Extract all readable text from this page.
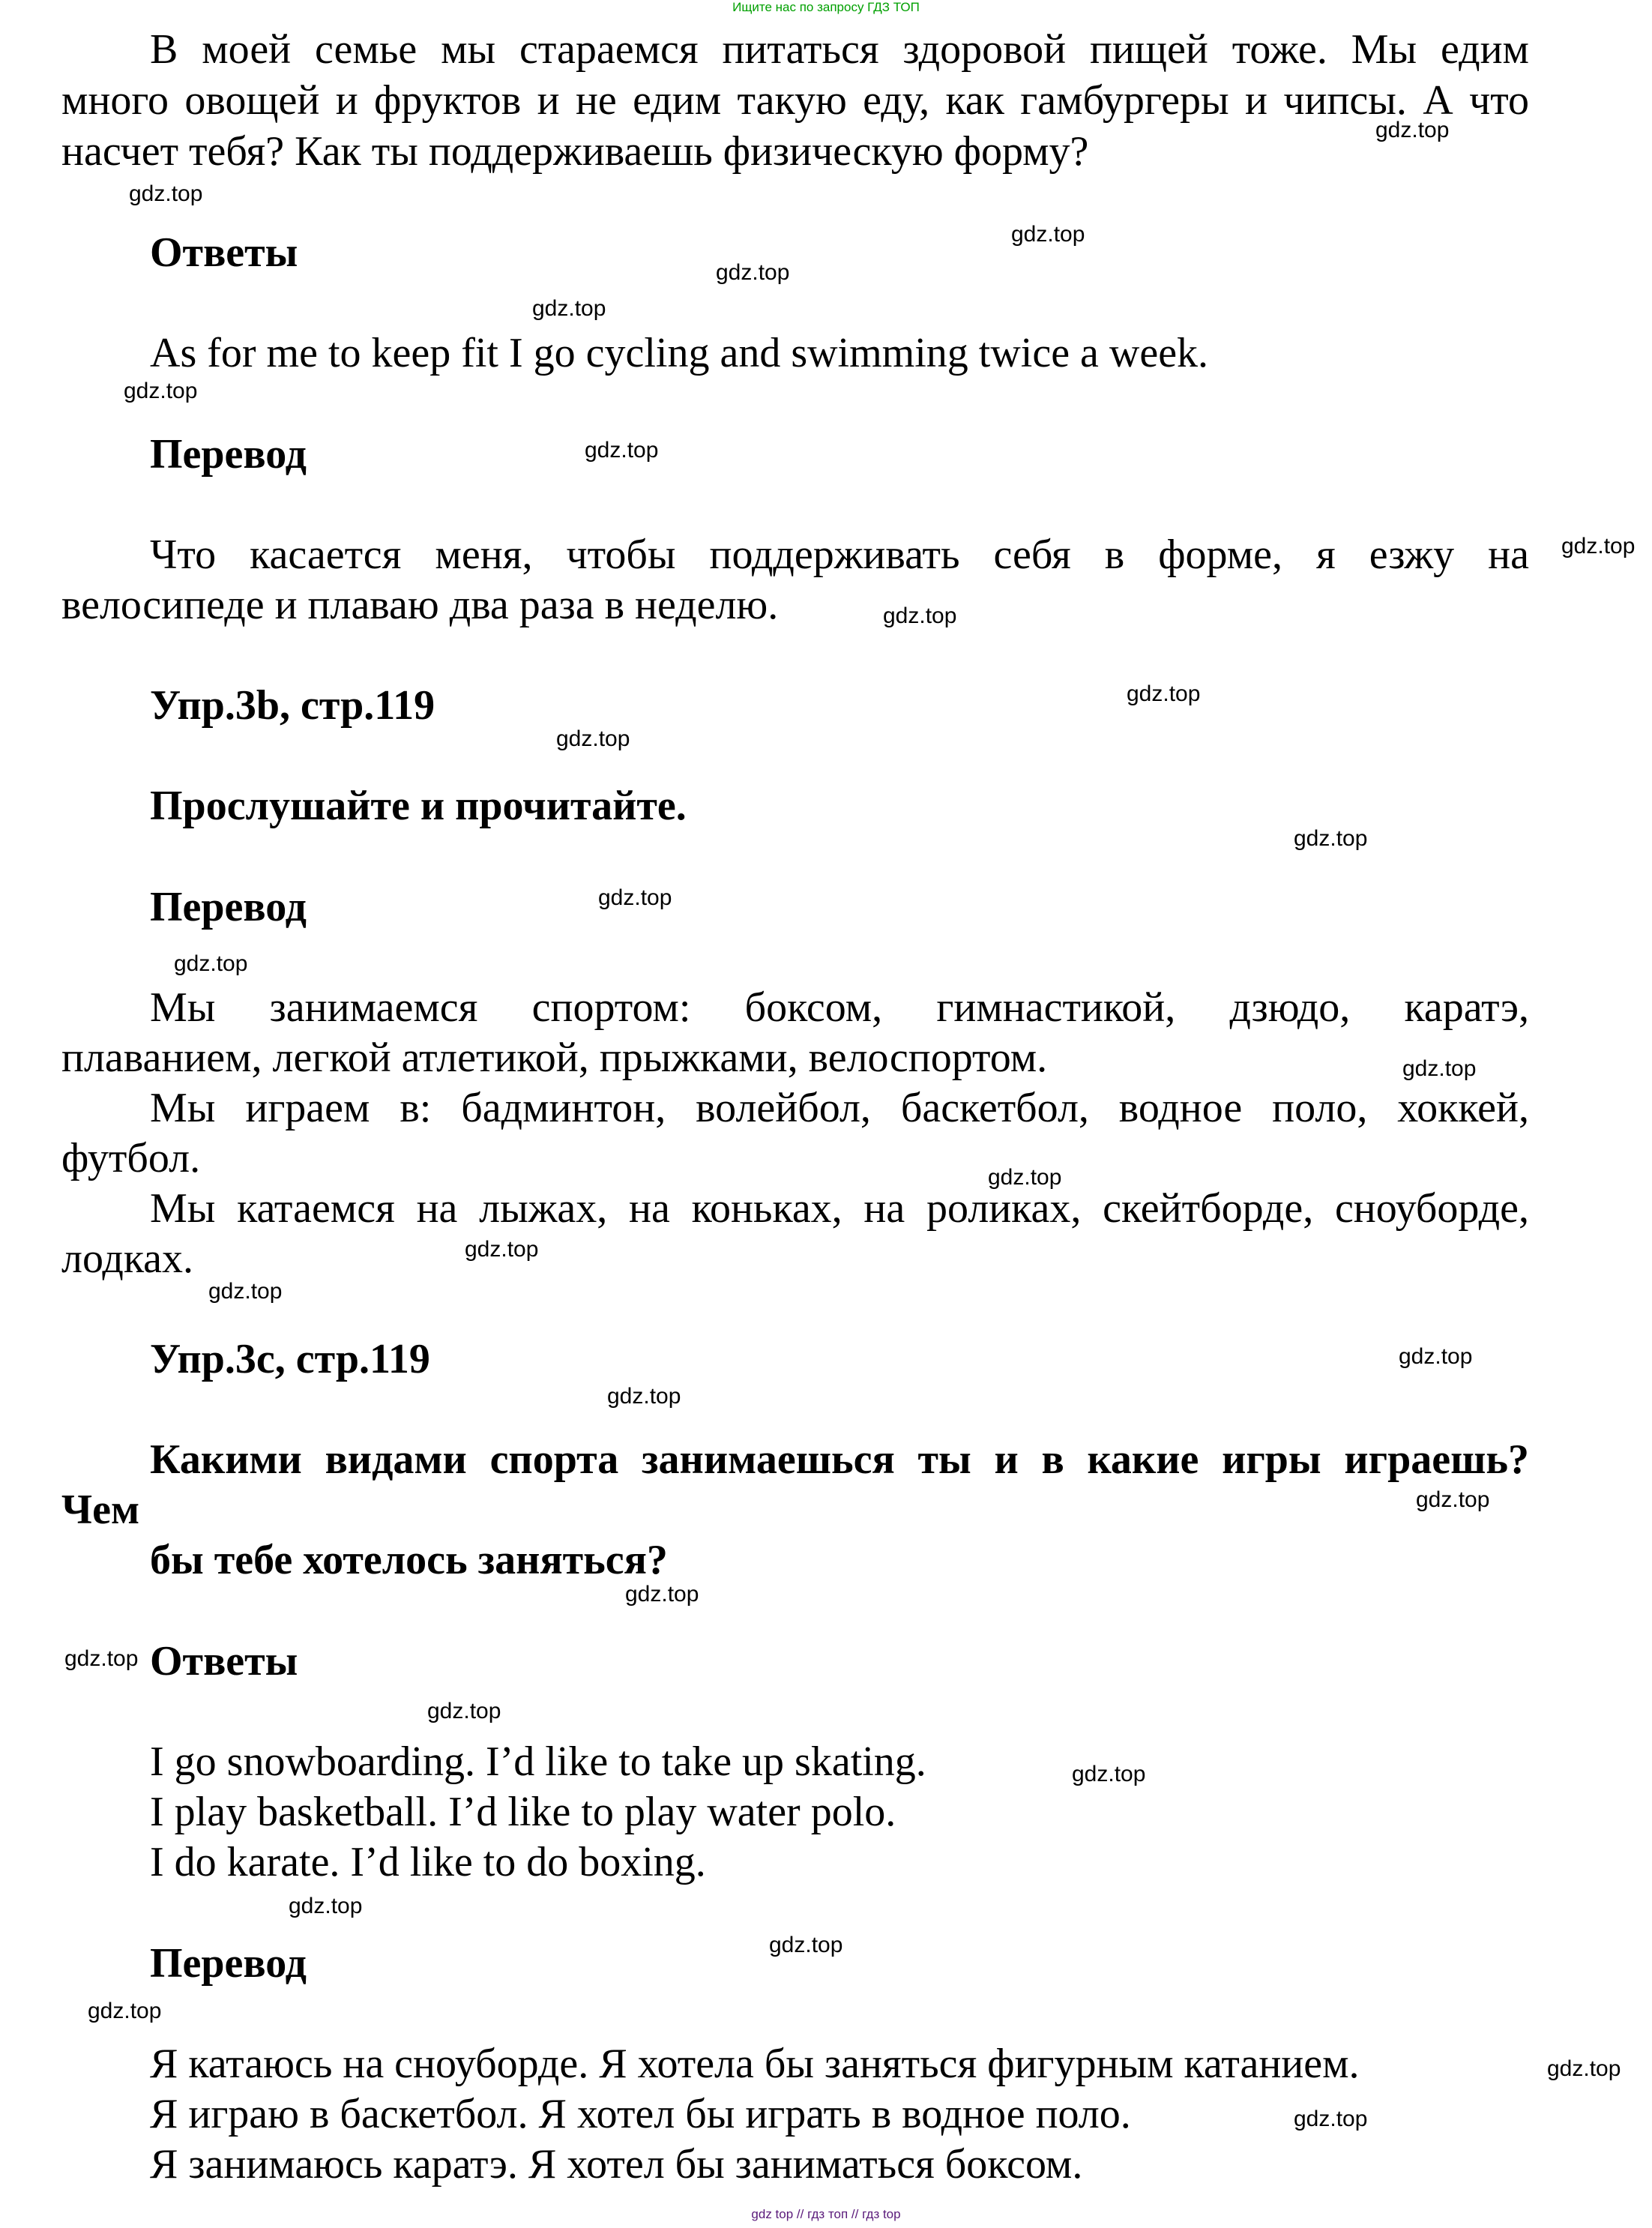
Ищите нас по запросу ГДЗ ТОП
В моей семье мы стараемся питаться здоровой пищей тоже. Мы едим
много овощей и фруктов и не едим такую еду, как гамбургеры и чипсы. А что
насчет тебя? Как ты поддерживаешь физическую форму?
Ответы
As for me to keep fit I go cycling and swimming twice a week.
Перевод
Что касается меня, чтобы поддерживать себя в форме, я езжу на
велосипеде и плаваю два раза в неделю.
Упр.3b, стр.119
Прослушайте и прочитайте.
Перевод
Мы занимаемся спортом: боксом, гимнастикой, дзюдо, каратэ,
плаванием, легкой атлетикой, прыжками, велоспортом.
Мы играем в: бадминтон, волейбол, баскетбол, водное поло, хоккей,
футбол.
Мы катаемся на лыжах, на коньках, на роликах, скейтборде, сноуборде,
лодках.
Упр.3c, стр.119
Какими видами спорта занимаешься ты и в какие игры играешь?
Чем
бы тебе хотелось заняться?
Ответы
I go snowboarding. I’d like to take up skating.
I play basketball. I’d like to play water polo.
I do karate. I’d like to do boxing.
Перевод
Я катаюсь на сноуборде. Я хотела бы заняться фигурным катанием.
Я играю в баскетбол. Я хотел бы играть в водное поло.
Я занимаюсь каратэ. Я хотел бы заниматься боксом.
gdz.top
gdz.top
gdz.top
gdz.top
gdz.top
gdz.top
gdz.top
gdz.top
gdz.top
gdz.top
gdz.top
gdz.top
gdz.top
gdz.top
gdz.top
gdz.top
gdz.top
gdz.top
gdz.top
gdz.top
gdz.top
gdz.top
gdz.top
gdz.top
gdz.top
gdz.top
gdz.top
gdz.top
gdz.top
gdz.top
gdz top // гдз топ // гдз top
